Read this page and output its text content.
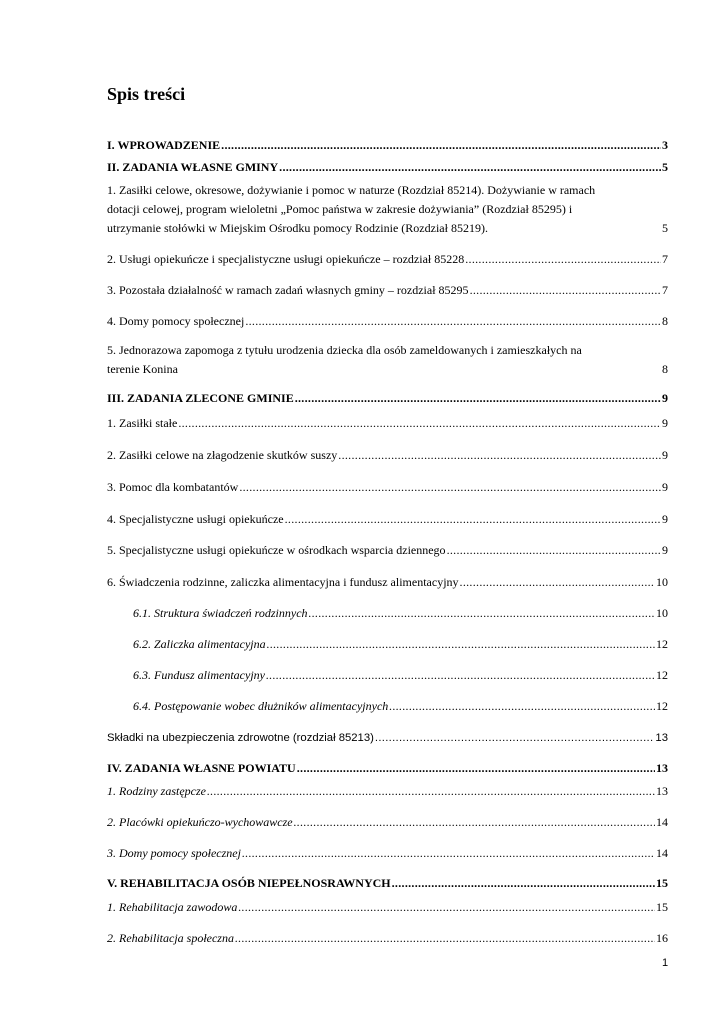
Spis treści
I. WPROWADZENIE .....	3
II. ZADANIA WŁASNE GMINY .....	5
1. Zasiłki celowe, okresowe, dożywianie i pomoc w naturze (Rozdział 85214). Dożywianie w ramach
dotacji celowej, program wieloletni „Pomoc państwa w zakresie dożywiania” (Rozdział 85295) i
utrzymanie stołówki w Miejskim Ośrodku pomocy Rodzinie (Rozdział 85219).	5
2. Usługi opiekuńcze i specjalistyczne usługi opiekuńcze – rozdział 85228 .....	7
3. Pozostała działalność w ramach zadań własnych gminy – rozdział 85295 .....	7
4. Domy pomocy społecznej .....	8
5. Jednorazowa zapomoga z tytułu urodzenia dziecka dla osób zameldowanych i zamieszkałych na
terenie Konina	8
III. ZADANIA ZLECONE GMINIE .....	9
1. Zasiłki stałe .....	9
2. Zasiłki celowe na złagodzenie skutków suszy .....	9
3. Pomoc dla kombatantów .....	9
4. Specjalistyczne usługi opiekuńcze .....	9
5. Specjalistyczne usługi opiekuńcze w ośrodkach wsparcia dziennego .....	9
6. Świadczenia rodzinne, zaliczka alimentacyjna i fundusz alimentacyjny .....	10
6.1. Struktura świadczeń rodzinnych .....	10
6.2. Zaliczka alimentacyjna .....	12
6.3. Fundusz alimentacyjny .....	12
6.4. Postępowanie wobec dłużników alimentacyjnych .....	12
Składki na ubezpieczenia zdrowotne (rozdział 85213) .....	13
IV. ZADANIA WŁASNE POWIATU .....	13
1. Rodziny zastępcze .....	13
2. Placówki opiekuńczo-wychowawcze .....	14
3. Domy pomocy społecznej .....	14
V. REHABILITACJA OSÓB NIEPEŁNOSRAWNYCH .....	15
1. Rehabilitacja zawodowa .....	15
2. Rehabilitacja społeczna .....	16
1
